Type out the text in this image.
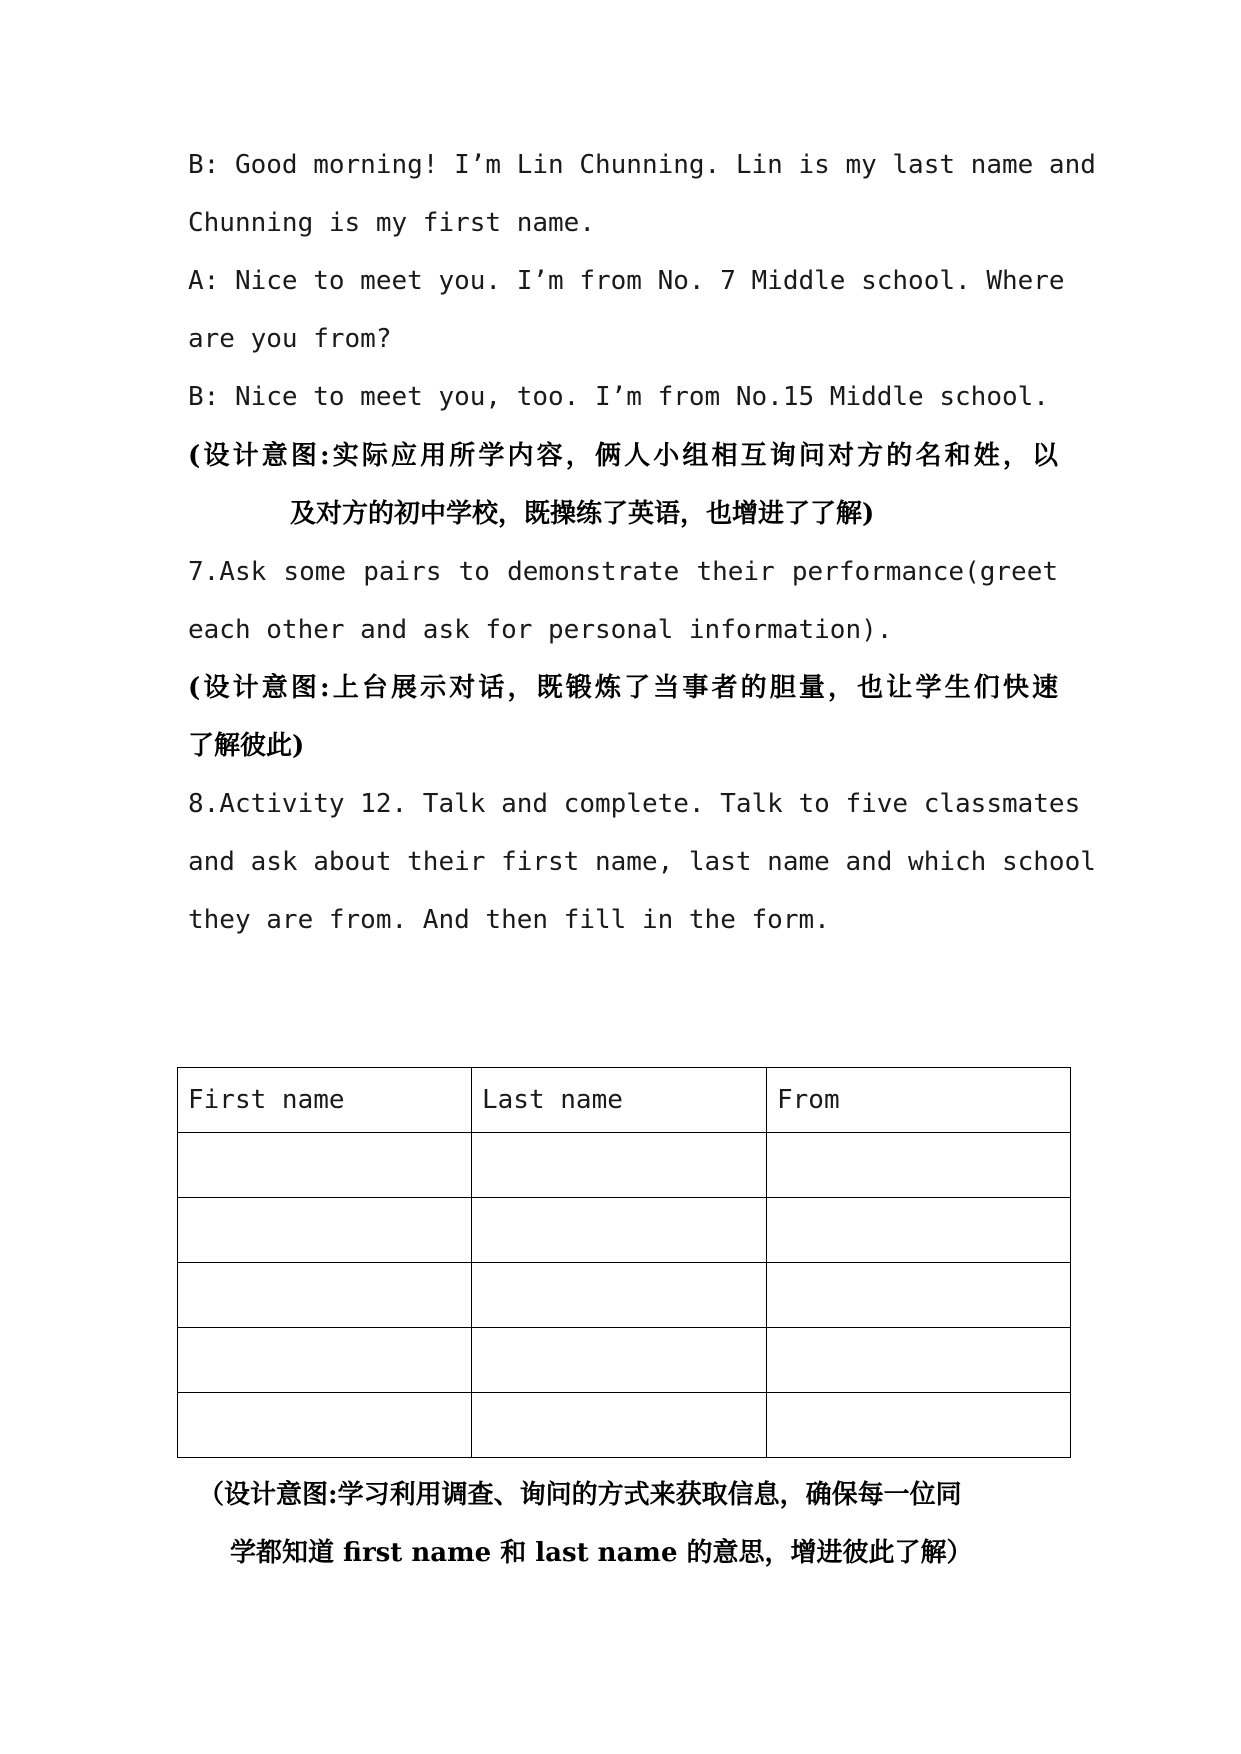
B: Good morning! I’m Lin Chunning. Lin is my last name and
Chunning is my first name.
A: Nice to meet you. I’m from No. 7 Middle school. Where
are you from?
B: Nice to meet you, too. I’m from No.15 Middle school.
(设计意图:实际应用所学内容，俩人小组相互询问对方的名和姓，以
及对方的初中学校，既操练了英语，也增进了了解)
7.Ask some pairs to demonstrate their performance(greet
each other and ask for personal information).
(设计意图:上台展示对话，既锻炼了当事者的胆量，也让学生们快速
了解彼此)
8.Activity 12. Talk and complete. Talk to five classmates
and ask about their first name, last name and which school
they are from. And then fill in the form.
First name	Last name	From

（设计意图:学习利用调查、询问的方式来获取信息，确保每一位同
学都知道 first name 和 last name 的意思，增进彼此了解）
